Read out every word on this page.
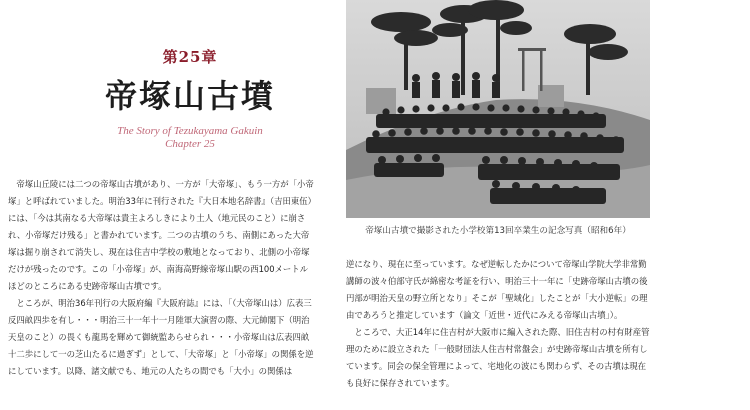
第25章
帝塚山古墳
The Story of Tezukayama Gakuin
Chapter 25
帝塚山古墳で撮影された小学校第13回卒業生の記念写真（昭和6年）

帝塚山丘陵には二つの帝塚山古墳があり、一方が「大帝塚」、もう一方が「小帝塚」と呼ばれていました。明治33年に刊行された『大日本地名辞書』（吉田東伍）には、「今は其南なる大帝塚は貴主よろしきにより土人（地元民のこと）に崩され、小帝塚だけ残る」と書かれています。二つの古墳のうち、南側にあった大帝塚は掘り崩されて消失し、現在は住吉中学校の敷地となっており、北側の小帝塚だけが残ったのです。この「小帝塚」が、南海高野線帝塚山駅の西100メートルほどのところにある史跡帝塚山古墳です。

ところが、明治36年刊行の大阪府編『大阪府誌』には、「（大帝塚山は）広表三反四畝四歩を有し・・・明治三十一年十一月陸軍大演習の際、大元帥閣下（明治天皇のこと）の畏くも龍馬を輝めて御統監あらせられ・・・小帝塚山は広表四畝十二歩にして一の芝山たるに過ぎず」として、「大帝塚」と「小帝塚」の関係を逆にしています。以降、諸文献でも、地元の人たちの間でも「大小」の関係は

逆になり、現在に至っています。なぜ逆転したかについて帝塚山学院大学非常勤講師の波々伯部守氏が綿密な考証を行い、明治三十一年に「史跡帝塚山古墳の後円部が明治天皇の野立所となり」そこが「聖域化」したことが「大小逆転」の理由であろうと推定しています（論文「近世・近代にみえる帝塚山古墳」）。

ところで、大正14年に住吉村が大阪市に編入された際、旧住吉村の村有財産管理のために設立された「一般財団法人住吉村常盤会」が史跡帝塚山古墳を所有しています。同会の保全管理によって、宅地化の波にも関わらず、その古墳は現在も良好に保存されています。
